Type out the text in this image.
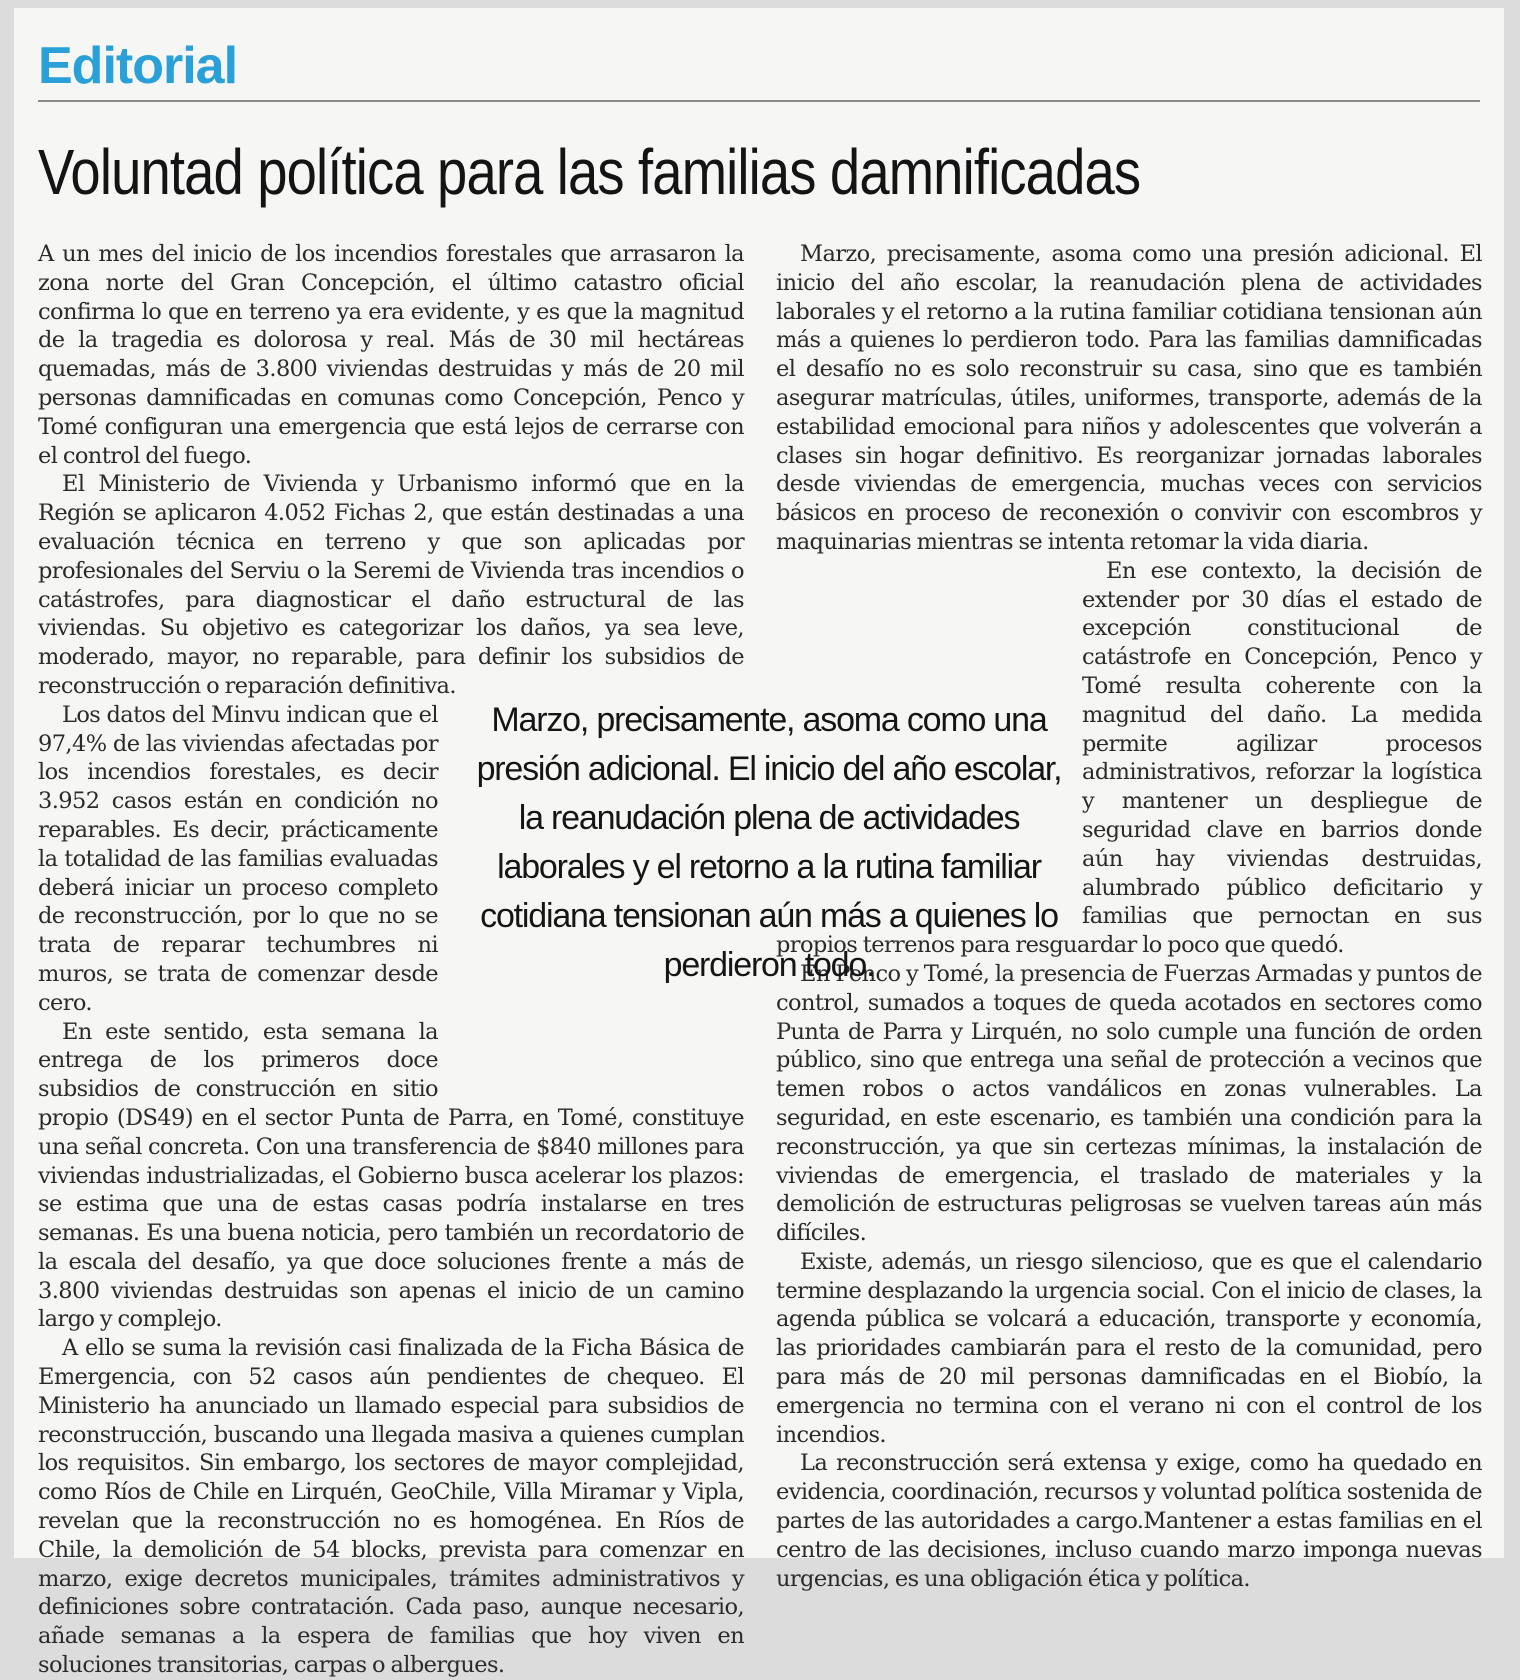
Editorial
Voluntad política para las familias damnificadas

A un mes del inicio de los incendios forestales que arrasaron la zona norte del Gran Concepción, el último catastro oficial confirma lo que en terreno ya era evidente, y es que la magnitud de la tragedia es dolorosa y real. Más de 30 mil hectáreas quemadas, más de 3.800 viviendas destruidas y más de 20 mil personas damnificadas en comunas como Concepción, Penco y Tomé configuran una emergencia que está lejos de cerrarse con el control del fuego.

El Ministerio de Vivienda y Urbanismo informó que en la Región se aplicaron 4.052 Fichas 2, que están destinadas a una evaluación técnica en terreno y que son aplicadas por profesionales del Serviu o la Seremi de Vivienda tras incendios o catástrofes, para diagnosticar el daño estructural de las viviendas. Su objetivo es categorizar los daños, ya sea leve, moderado, mayor, no reparable, para definir los subsidios de reconstrucción o reparación definitiva.

Los datos del Minvu indican que el 97,4% de las viviendas afectadas por los incendios forestales, es decir 3.952 casos están en condición no reparables. Es decir, prácticamente la totalidad de las familias evaluadas deberá iniciar un proceso completo de reconstrucción, por lo que no se trata de reparar techumbres ni muros, se trata de comenzar desde cero.

En este sentido, esta semana la entrega de los primeros doce subsidios de construcción en sitio propio (DS49) en el sector Punta de Parra, en Tomé, constituye una señal concreta. Con una transferencia de $840 millones para viviendas industrializadas, el Gobierno busca acelerar los plazos: se estima que una de estas casas podría instalarse en tres semanas. Es una buena noticia, pero también un recordatorio de la escala del desafío, ya que doce soluciones frente a más de 3.800 viviendas destruidas son apenas el inicio de un camino largo y complejo.

A ello se suma la revisión casi finalizada de la Ficha Básica de Emergencia, con 52 casos aún pendientes de chequeo. El Ministerio ha anunciado un llamado especial para subsidios de reconstrucción, buscando una llegada masiva a quienes cumplan los requisitos. Sin embargo, los sectores de mayor complejidad, como Ríos de Chile en Lirquén, GeoChile, Villa Miramar y Vipla, revelan que la reconstrucción no es homogénea. En Ríos de Chile, la demolición de 54 blocks, prevista para comenzar en marzo, exige decretos municipales, trámites administrativos y definiciones sobre contratación. Cada paso, aunque necesario, añade semanas a la espera de familias que hoy viven en soluciones transitorias, carpas o albergues.

Marzo, precisamente, asoma como una presión adicional. El inicio del año escolar, la reanudación plena de actividades laborales y el retorno a la rutina familiar cotidiana tensionan aún más a quienes lo perdieron todo. Para las familias damnificadas el desafío no es solo reconstruir su casa, sino que es también asegurar matrículas, útiles, uniformes, transporte, además de la estabilidad emocional para niños y adolescentes que volverán a clases sin hogar definitivo. Es reorganizar jornadas laborales desde viviendas de emergencia, muchas veces con servicios básicos en proceso de reconexión o convivir con escombros y maquinarias mientras se intenta retomar la vida diaria.

En ese contexto, la decisión de extender por 30 días el estado de excepción constitucional de catástrofe en Concepción, Penco y Tomé resulta coherente con la magnitud del daño. La medida permite agilizar procesos administrativos, reforzar la logística y mantener un despliegue de seguridad clave en barrios donde aún hay viviendas destruidas, alumbrado público deficitario y familias que pernoctan en sus propios terrenos para resguardar lo poco que quedó.

En Penco y Tomé, la presencia de Fuerzas Armadas y puntos de control, sumados a toques de queda acotados en sectores como Punta de Parra y Lirquén, no solo cumple una función de orden público, sino que entrega una señal de protección a vecinos que temen robos o actos vandálicos en zonas vulnerables. La seguridad, en este escenario, es también una condición para la reconstrucción, ya que sin certezas mínimas, la instalación de viviendas de emergencia, el traslado de materiales y la demolición de estructuras peligrosas se vuelven tareas aún más difíciles.

Existe, además, un riesgo silencioso, que es que el calendario termine desplazando la urgencia social. Con el inicio de clases, la agenda pública se volcará a educación, transporte y economía, las prioridades cambiarán para el resto de la comunidad, pero para más de 20 mil personas damnificadas en el Biobío, la emergencia no termina con el verano ni con el control de los incendios.

La reconstrucción será extensa y exige, como ha quedado en evidencia, coordinación, recursos y voluntad política sostenida de partes de las autoridades a cargo.Mantener a estas familias en el centro de las decisiones, incluso cuando marzo imponga nuevas urgencias, es una obligación ética y política.

Marzo, precisamente, asoma como una presión adicional. El inicio del año escolar, la reanudación plena de actividades laborales y el retorno a la rutina familiar cotidiana tensionan aún más a quienes lo perdieron todo.
